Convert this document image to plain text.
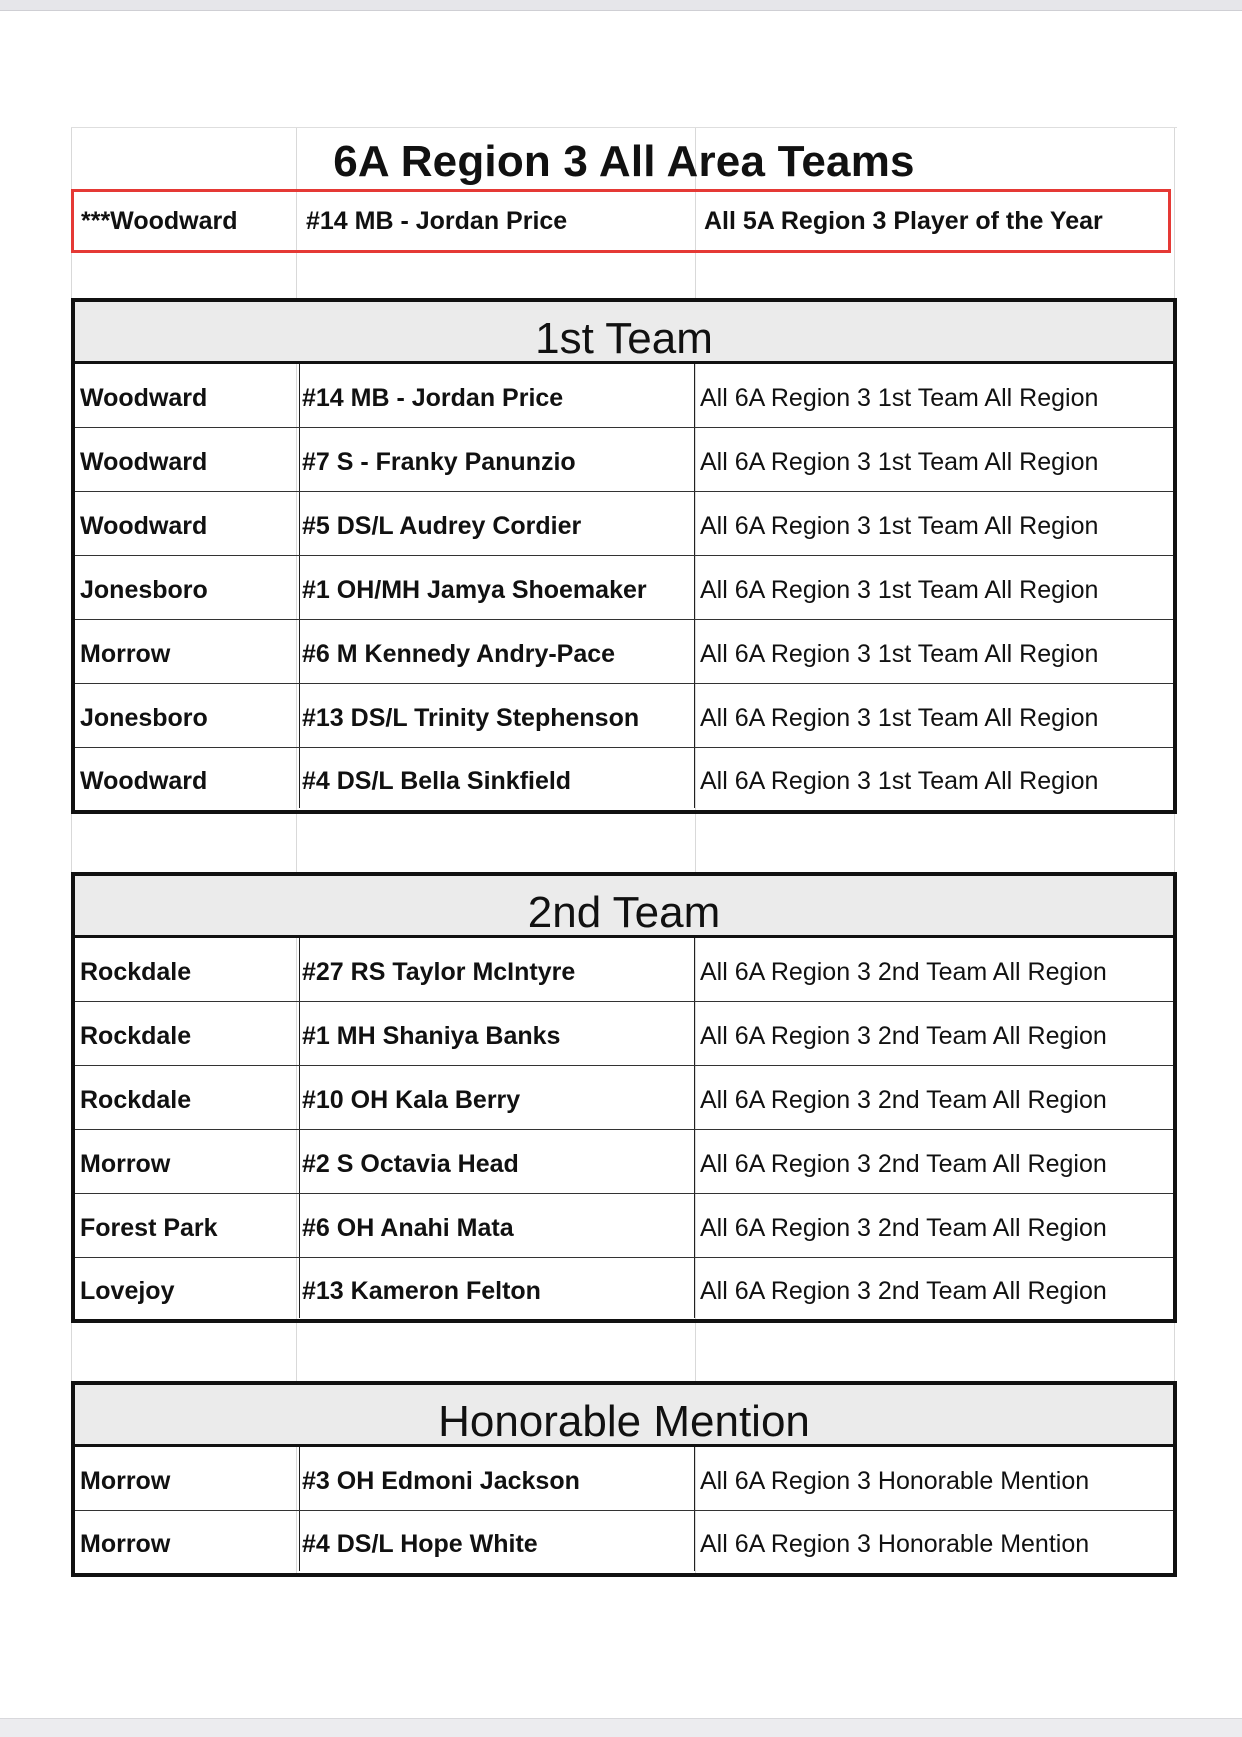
6A Region 3 All Area Teams
***Woodward	#14 MB - Jordan Price	All 5A Region 3 Player of the Year
1st Team
Woodward	#14 MB - Jordan Price	All 6A Region 3 1st Team All Region
Woodward	#7 S - Franky Panunzio	All 6A Region 3 1st Team All Region
Woodward	#5 DS/L Audrey Cordier	All 6A Region 3 1st Team All Region
Jonesboro	#1 OH/MH Jamya Shoemaker	All 6A Region 3 1st Team All Region
Morrow	#6 M Kennedy Andry-Pace	All 6A Region 3 1st Team All Region
Jonesboro	#13 DS/L Trinity Stephenson	All 6A Region 3 1st Team All Region
Woodward	#4 DS/L Bella Sinkfield	All 6A Region 3 1st Team All Region
2nd Team
Rockdale	#27 RS Taylor McIntyre	All 6A Region 3 2nd Team All Region
Rockdale	#1 MH Shaniya Banks	All 6A Region 3 2nd Team All Region
Rockdale	#10 OH Kala Berry	All 6A Region 3 2nd Team All Region
Morrow	#2 S Octavia Head	All 6A Region 3 2nd Team All Region
Forest Park	#6 OH Anahi Mata	All 6A Region 3 2nd Team All Region
Lovejoy	#13 Kameron Felton	All 6A Region 3 2nd Team All Region
Honorable Mention
Morrow	#3 OH Edmoni Jackson	All 6A Region 3 Honorable Mention
Morrow	#4 DS/L Hope White	All 6A Region 3 Honorable Mention
